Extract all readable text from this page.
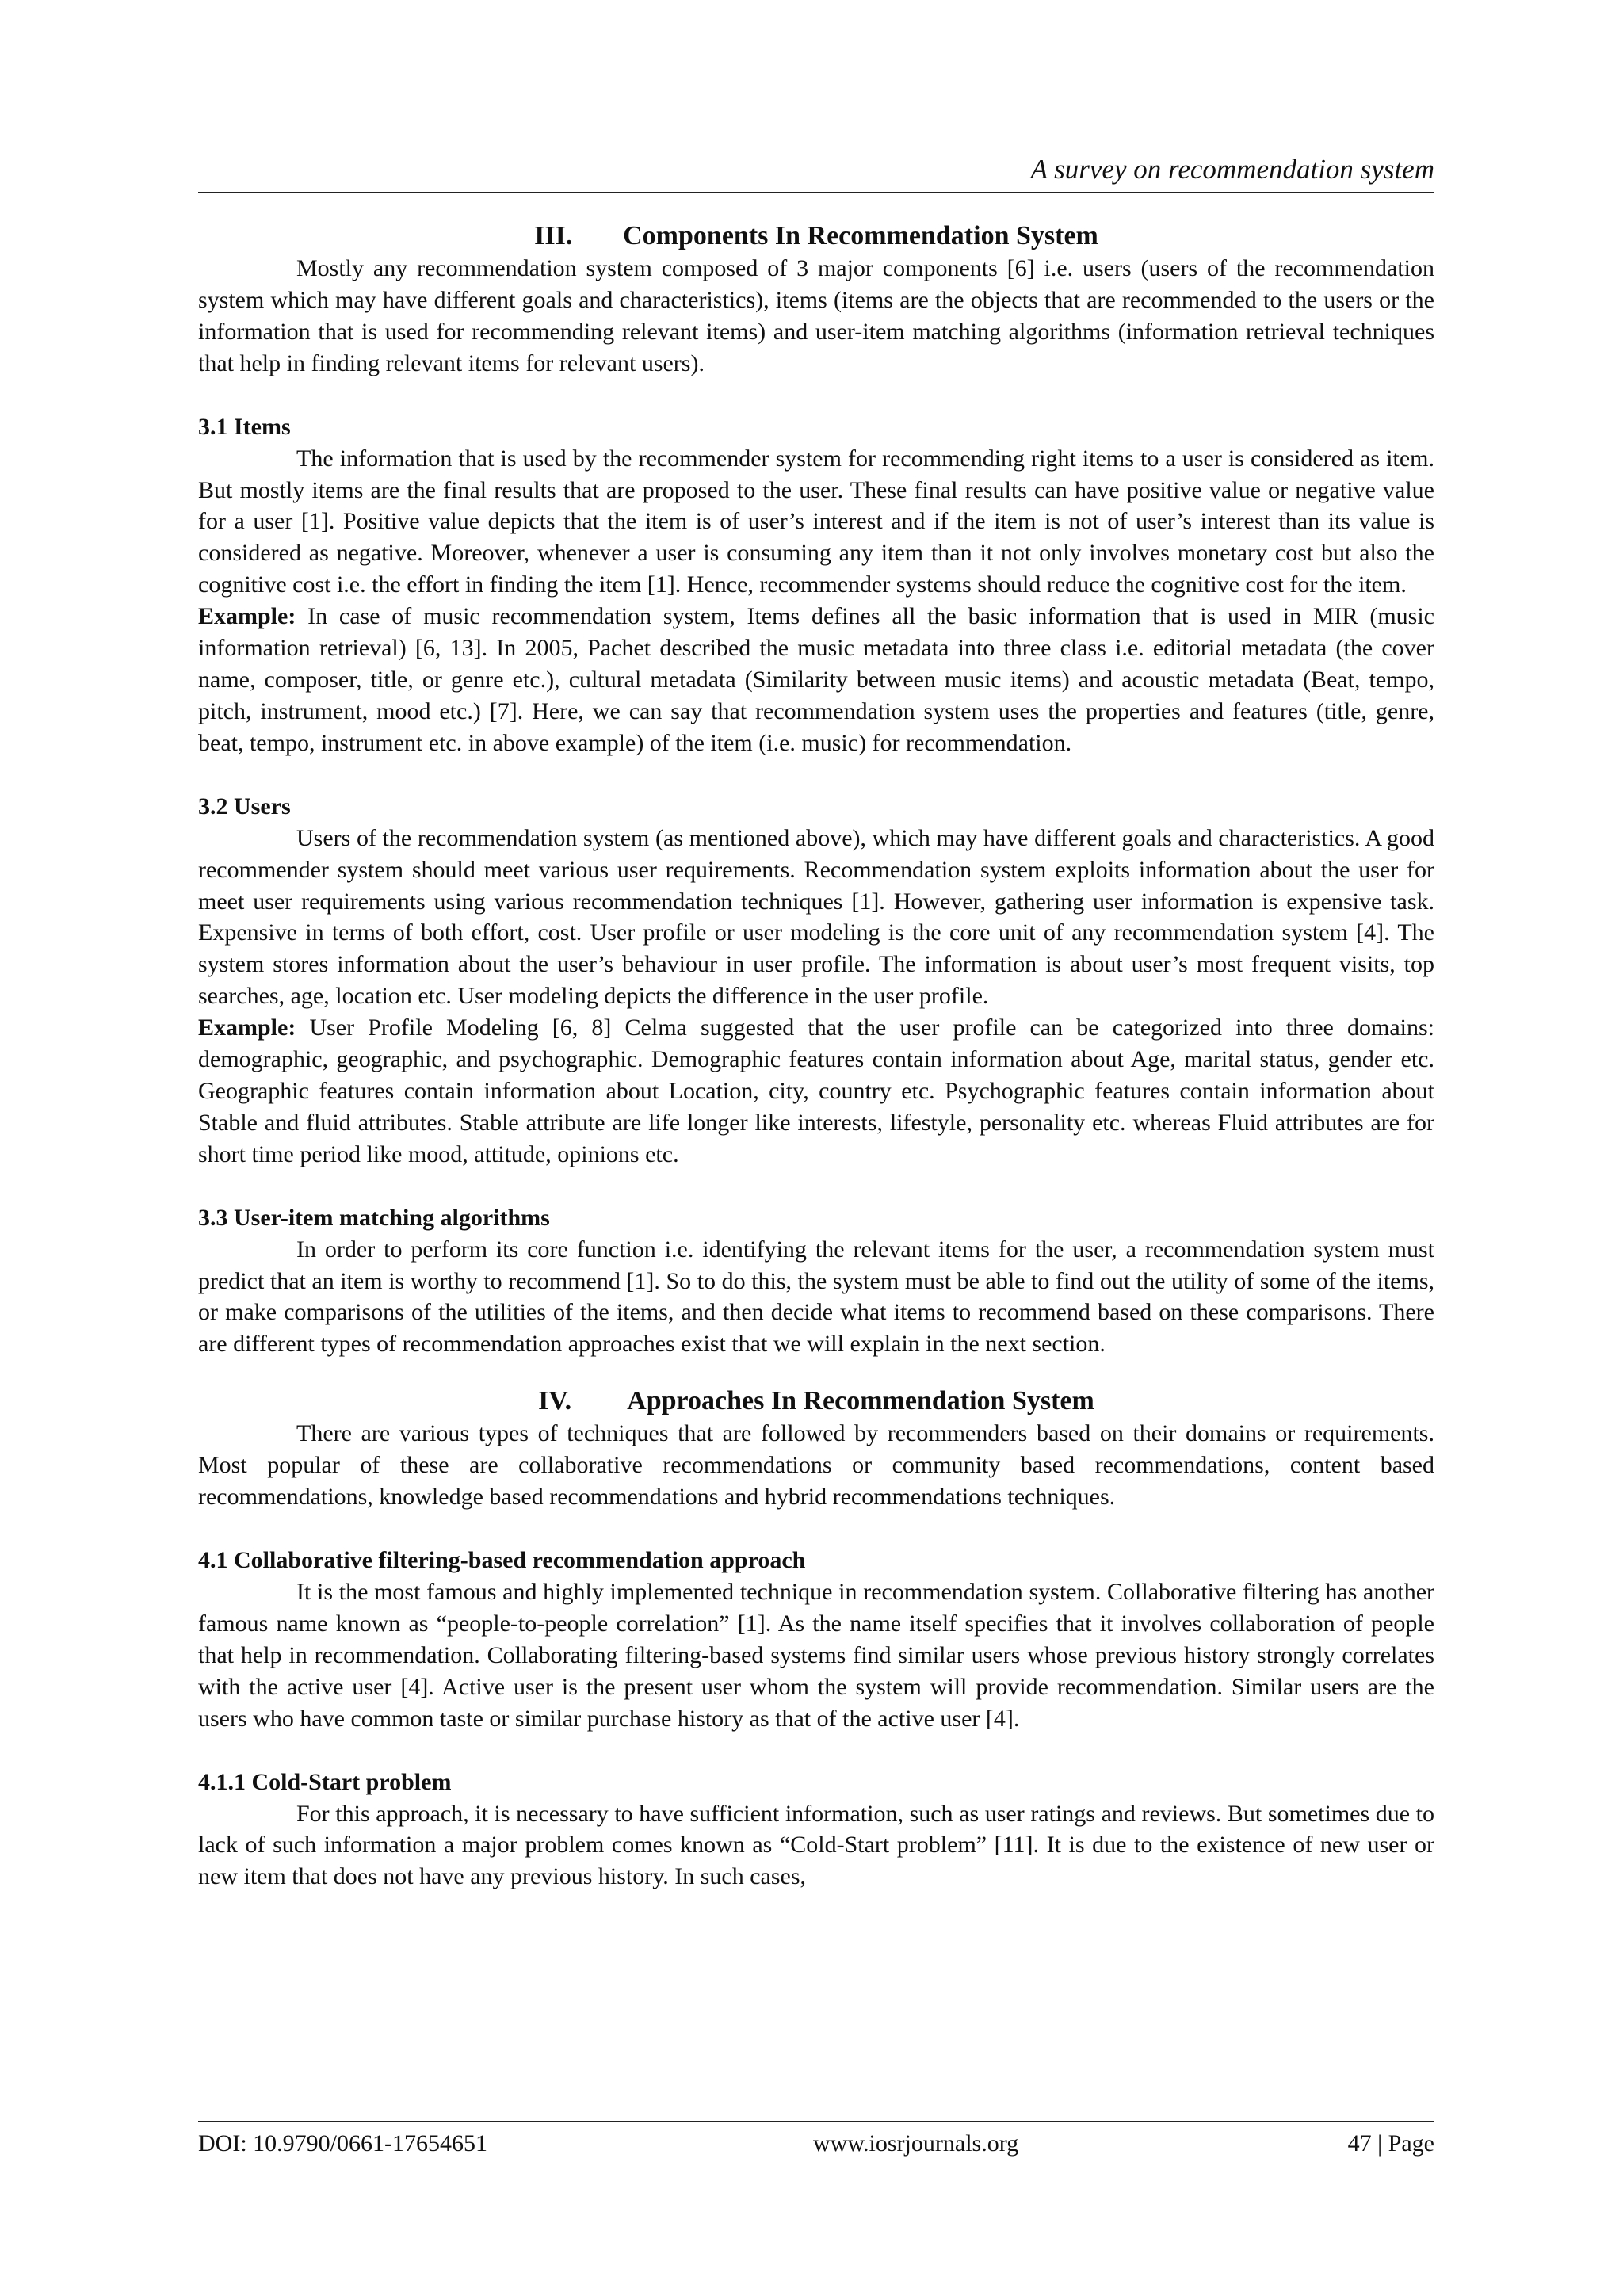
A survey on recommendation system
III. Components In Recommendation System

Mostly any recommendation system composed of 3 major components [6] i.e. users (users of the recommendation system which may have different goals and characteristics), items (items are the objects that are recommended to the users or the information that is used for recommending relevant items) and user-item matching algorithms (information retrieval techniques that help in finding relevant items for relevant users).

3.1 Items

The information that is used by the recommender system for recommending right items to a user is considered as item. But mostly items are the final results that are proposed to the user. These final results can have positive value or negative value for a user [1]. Positive value depicts that the item is of user’s interest and if the item is not of user’s interest than its value is considered as negative. Moreover, whenever a user is consuming any item than it not only involves monetary cost but also the cognitive cost i.e. the effort in finding the item [1]. Hence, recommender systems should reduce the cognitive cost for the item.

Example: In case of music recommendation system, Items defines all the basic information that is used in MIR (music information retrieval) [6, 13]. In 2005, Pachet described the music metadata into three class i.e. editorial metadata (the cover name, composer, title, or genre etc.), cultural metadata (Similarity between music items) and acoustic metadata (Beat, tempo, pitch, instrument, mood etc.) [7]. Here, we can say that recommendation system uses the properties and features (title, genre, beat, tempo, instrument etc. in above example) of the item (i.e. music) for recommendation.

3.2 Users

Users of the recommendation system (as mentioned above), which may have different goals and characteristics. A good recommender system should meet various user requirements. Recommendation system exploits information about the user for meet user requirements using various recommendation techniques [1]. However, gathering user information is expensive task. Expensive in terms of both effort, cost. User profile or user modeling is the core unit of any recommendation system [4]. The system stores information about the user’s behaviour in user profile. The information is about user’s most frequent visits, top searches, age, location etc. User modeling depicts the difference in the user profile.

Example: User Profile Modeling [6, 8] Celma suggested that the user profile can be categorized into three domains: demographic, geographic, and psychographic. Demographic features contain information about Age, marital status, gender etc. Geographic features contain information about Location, city, country etc. Psychographic features contain information about Stable and fluid attributes. Stable attribute are life longer like interests, lifestyle, personality etc. whereas Fluid attributes are for short time period like mood, attitude, opinions etc.

3.3 User-item matching algorithms

In order to perform its core function i.e. identifying the relevant items for the user, a recommendation system must predict that an item is worthy to recommend [1]. So to do this, the system must be able to find out the utility of some of the items, or make comparisons of the utilities of the items, and then decide what items to recommend based on these comparisons. There are different types of recommendation approaches exist that we will explain in the next section.

IV. Approaches In Recommendation System

There are various types of techniques that are followed by recommenders based on their domains or requirements. Most popular of these are collaborative recommendations or community based recommendations, content based recommendations, knowledge based recommendations and hybrid recommendations techniques.

4.1 Collaborative filtering-based recommendation approach

It is the most famous and highly implemented technique in recommendation system. Collaborative filtering has another famous name known as “people-to-people correlation” [1]. As the name itself specifies that it involves collaboration of people that help in recommendation. Collaborating filtering-based systems find similar users whose previous history strongly correlates with the active user [4]. Active user is the present user whom the system will provide recommendation. Similar users are the users who have common taste or similar purchase history as that of the active user [4].

4.1.1 Cold-Start problem

For this approach, it is necessary to have sufficient information, such as user ratings and reviews. But sometimes due to lack of such information a major problem comes known as “Cold-Start problem” [11]. It is due to the existence of new user or new item that does not have any previous history. In such cases,

DOI: 10.9790/0661-17654651	www.iosrjournals.org	47 | Page
